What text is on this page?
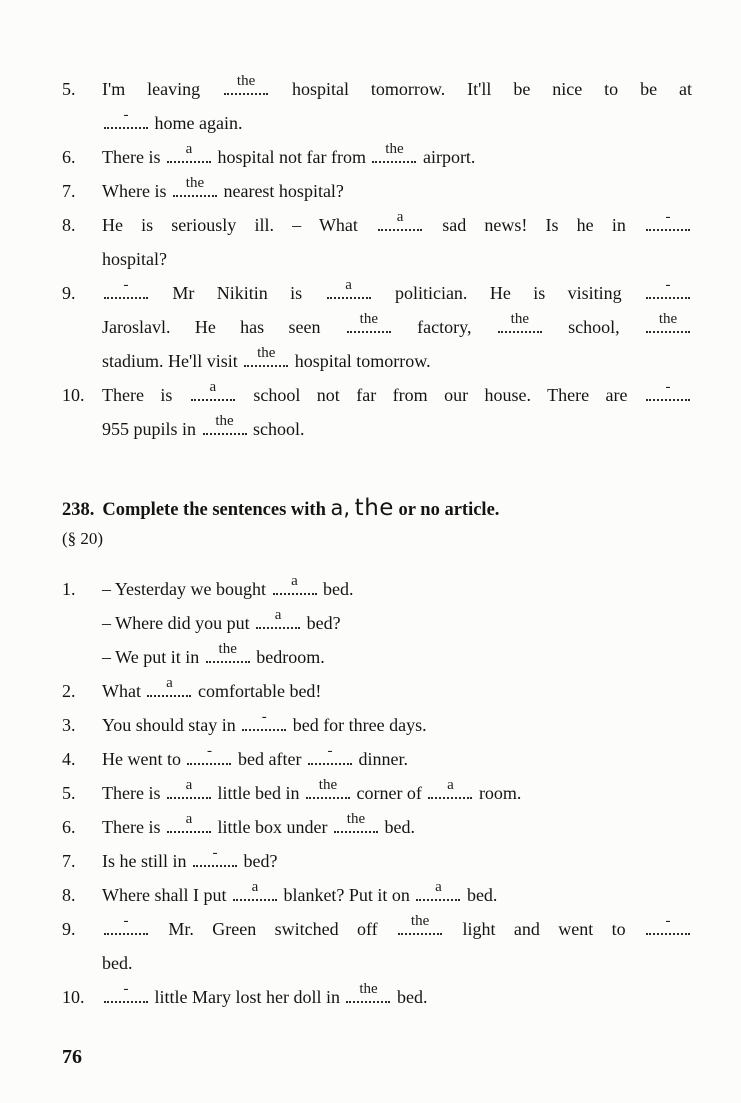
5.	I'm leaving the hospital tomorrow. It'll be nice to be at
- home again.
6.	There is a hospital not far from the airport.
7.	Where is the nearest hospital?
8.	He is seriously ill. – What a sad news! Is he in -
hospital?
9.	- Mr Nikitin is a politician. He is visiting -
Jaroslavl. He has seen the factory, the school, the
stadium. He'll visit the hospital tomorrow.
10. There is a school not far from our house. There are -
955 pupils in the school.
238. Complete the sentences with a, the or no article.
(§ 20)
1.	– Yesterday we bought a bed.
– Where did you put a bed?
– We put it in the bedroom.
2.	What a comfortable bed!
3.	You should stay in - bed for three days.
4.	He went to - bed after - dinner.
5.	There is a little bed in the corner of a room.
6.	There is a little box under the bed.
7.	Is he still in - bed?
8.	Where shall I put a blanket? Put it on a bed.
9.	- Mr. Green switched off the light and went to -
bed.
10.	- little Mary lost her doll in the bed.
76
